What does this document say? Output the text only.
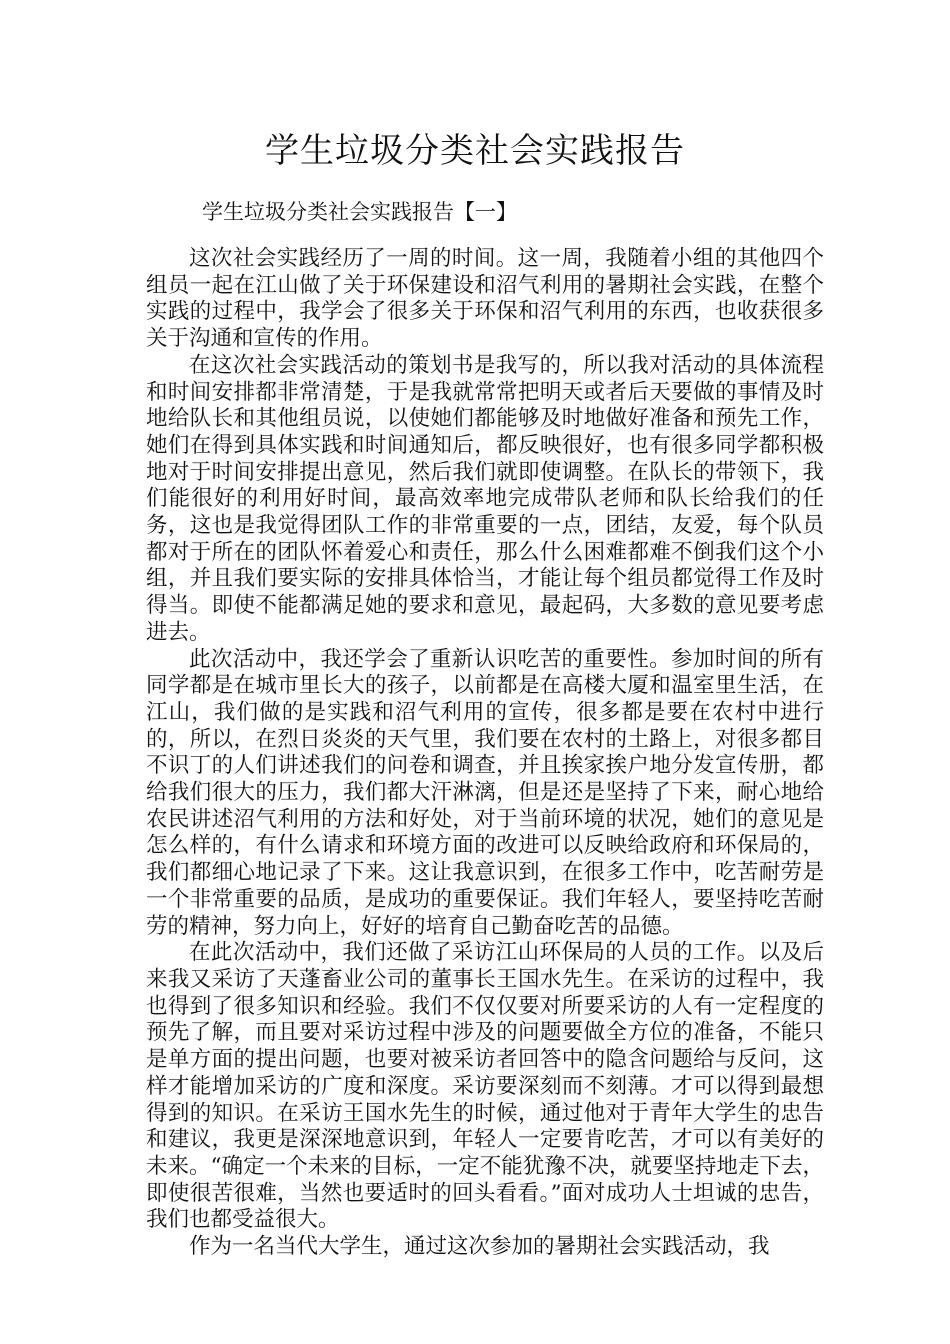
学生垃圾分类社会实践报告
学生垃圾分类社会实践报告【一】

这次社会实践经历了一周的时间。这一周，我随着小组的其他四个组员一起在江山做了关于环保建设和沼气利用的暑期社会实践，在整个实践的过程中，我学会了很多关于环保和沼气利用的东西，也收获很多关于沟通和宣传的作用。

在这次社会实践活动的策划书是我写的，所以我对活动的具体流程和时间安排都非常清楚，于是我就常常把明天或者后天要做的事情及时地给队长和其他组员说，以使她们都能够及时地做好准备和预先工作，她们在得到具体实践和时间通知后，都反映很好，也有很多同学都积极地对于时间安排提出意见，然后我们就即使调整。在队长的带领下，我们能很好的利用好时间，最高效率地完成带队老师和队长给我们的任务，这也是我觉得团队工作的非常重要的一点，团结，友爱，每个队员都对于所在的团队怀着爱心和责任，那么什么困难都难不倒我们这个小组，并且我们要实际的安排具体恰当，才能让每个组员都觉得工作及时得当。即使不能都满足她的要求和意见，最起码，大多数的意见要考虑进去。

此次活动中，我还学会了重新认识吃苦的重要性。参加时间的所有同学都是在城市里长大的孩子，以前都是在高楼大厦和温室里生活，在江山，我们做的是实践和沼气利用的宣传，很多都是要在农村中进行的，所以，在烈日炎炎的天气里，我们要在农村的土路上，对很多都目不识丁的人们讲述我们的问卷和调查，并且挨家挨户地分发宣传册，都给我们很大的压力，我们都大汗淋漓，但是还是坚持了下来，耐心地给农民讲述沼气利用的方法和好处，对于当前环境的状况，她们的意见是怎么样的，有什么请求和环境方面的改进可以反映给政府和环保局的，我们都细心地记录了下来。这让我意识到，在很多工作中，吃苦耐劳是一个非常重要的品质，是成功的重要保证。我们年轻人，要坚持吃苦耐劳的精神，努力向上，好好的培育自己勤奋吃苦的品德。

在此次活动中，我们还做了采访江山环保局的人员的工作。以及后来我又采访了天蓬畜业公司的董事长王国水先生。在采访的过程中，我也得到了很多知识和经验。我们不仅仅要对所要采访的人有一定程度的预先了解，而且要对采访过程中涉及的问题要做全方位的准备，不能只是单方面的提出问题，也要对被采访者回答中的隐含问题给与反问，这样才能增加采访的广度和深度。采访要深刻而不刻薄。才可以得到最想得到的知识。在采访王国水先生的时候，通过他对于青年大学生的忠告和建议，我更是深深地意识到，年轻人一定要肯吃苦，才可以有美好的未来。“确定一个未来的目标，一定不能犹豫不决，就要坚持地走下去，即使很苦很难，当然也要适时的回头看看。”面对成功人士坦诚的忠告，我们也都受益很大。

作为一名当代大学生，通过这次参加的暑期社会实践活动，我
